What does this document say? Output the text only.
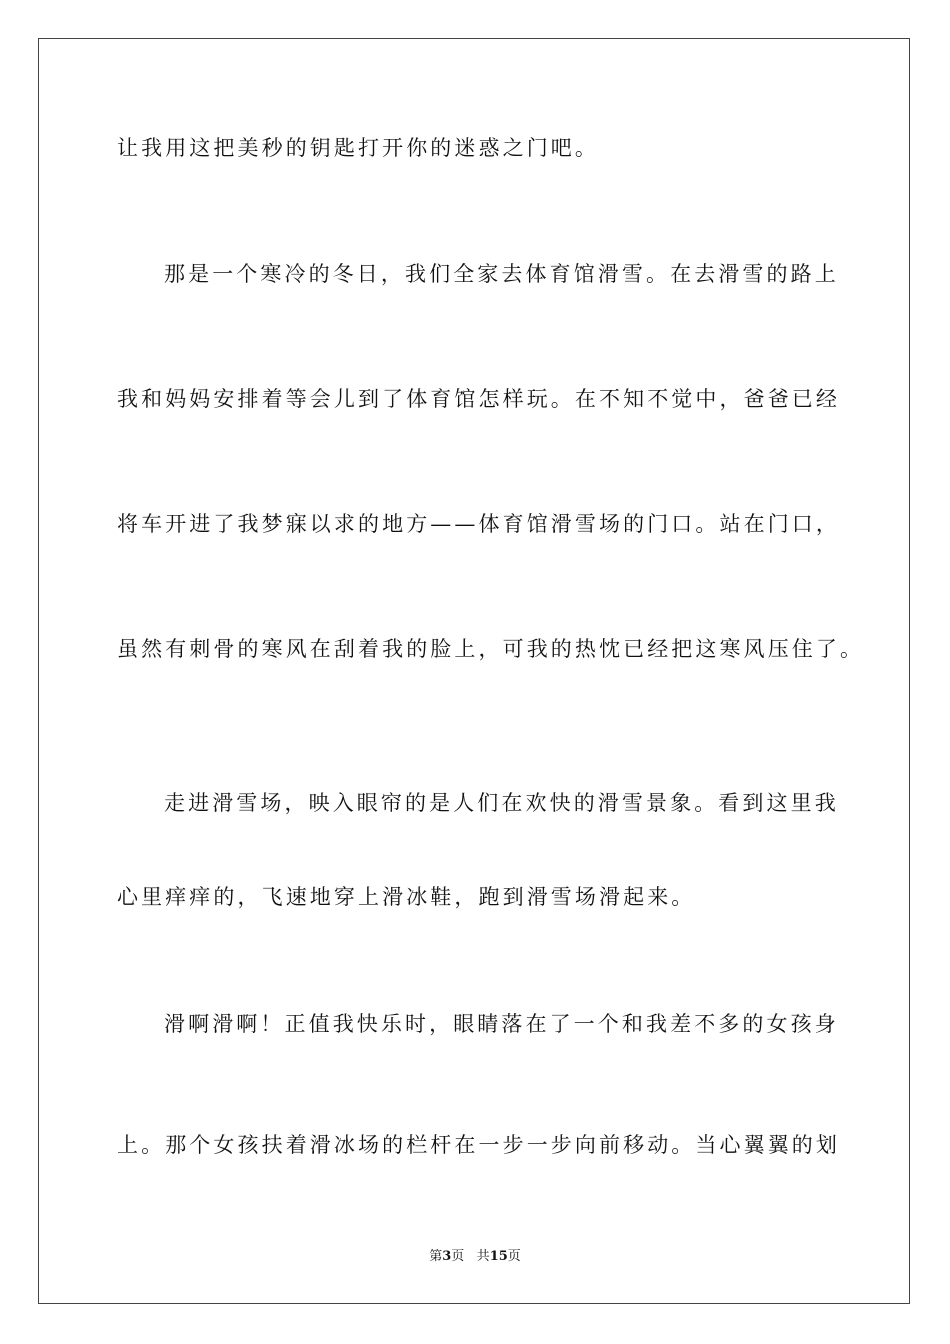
让我用这把美秒的钥匙打开你的迷惑之门吧。
那是一个寒冷的冬日，我们全家去体育馆滑雪。在去滑雪的路上
我和妈妈安排着等会儿到了体育馆怎样玩。在不知不觉中，爸爸已经
将车开进了我梦寐以求的地方——体育馆滑雪场的门口。站在门口，
虽然有刺骨的寒风在刮着我的脸上，可我的热忱已经把这寒风压住了。
走进滑雪场，映入眼帘的是人们在欢快的滑雪景象。看到这里我
心里痒痒的，飞速地穿上滑冰鞋，跑到滑雪场滑起来。
滑啊滑啊！正值我快乐时，眼睛落在了一个和我差不多的女孩身
上。那个女孩扶着滑冰场的栏杆在一步一步向前移动。当心翼翼的划
第3页 共15页
